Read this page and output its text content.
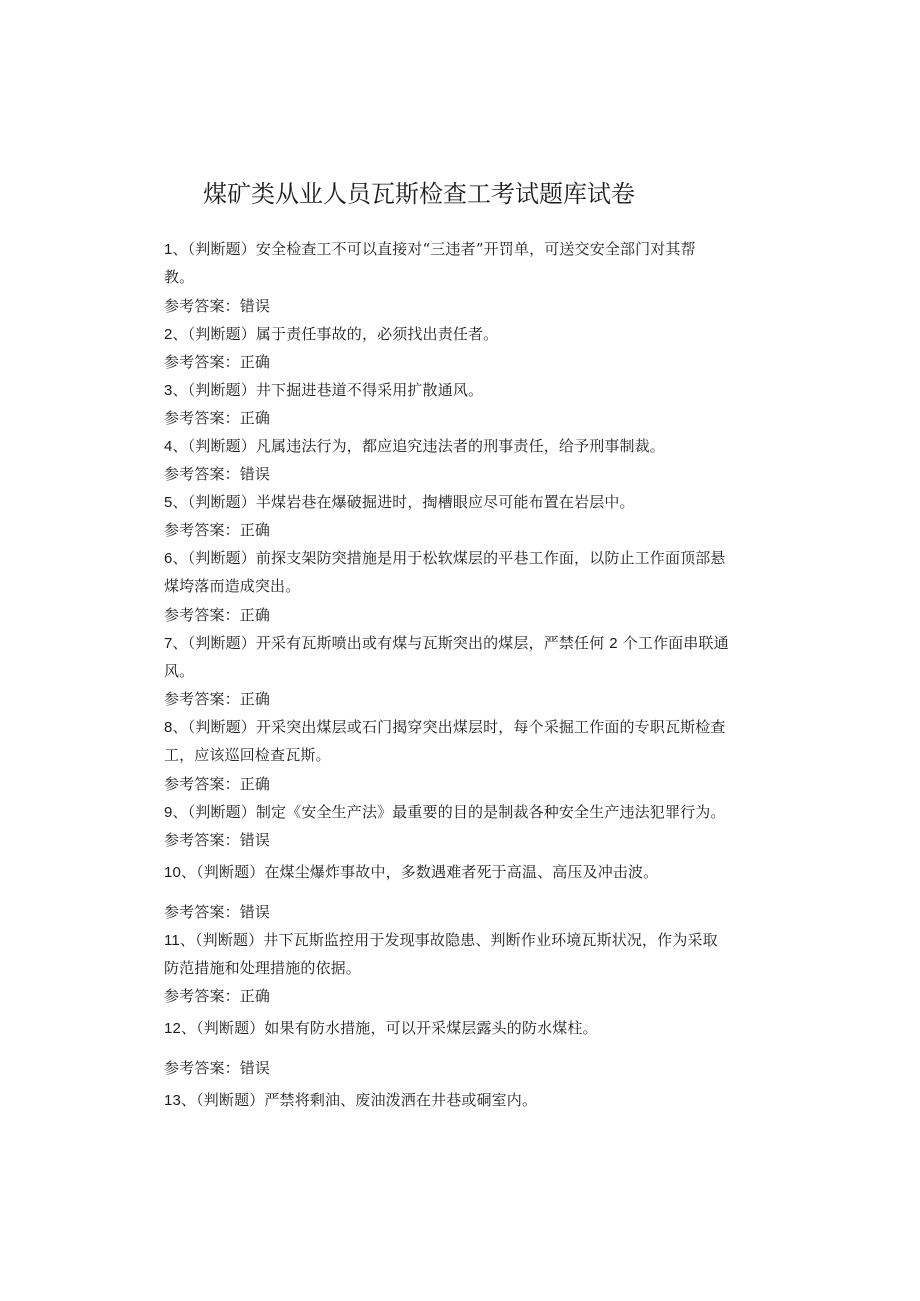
煤矿类从业人员瓦斯检查工考试题库试卷
1、（判断题）安全检查工不可以直接对“三违者”开罚单，可送交安全部门对其帮
教。
参考答案：错误
2、（判断题）属于责任事故的，必须找出责任者。
参考答案：正确
3、（判断题）井下掘进巷道不得采用扩散通风。
参考答案：正确
4、（判断题）凡属违法行为，都应追究违法者的刑事责任，给予刑事制裁。
参考答案：错误
5、（判断题）半煤岩巷在爆破掘进时，掏槽眼应尽可能布置在岩层中。
参考答案：正确
6、（判断题）前探支架防突措施是用于松软煤层的平巷工作面，以防止工作面顶部悬
煤垮落而造成突出。
参考答案：正确
7、（判断题）开采有瓦斯喷出或有煤与瓦斯突出的煤层，严禁任何 2 个工作面串联通
风。
参考答案：正确
8、（判断题）开采突出煤层或石门揭穿突出煤层时，每个采掘工作面的专职瓦斯检查
工，应该巡回检查瓦斯。
参考答案：正确
9、（判断题）制定《安全生产法》最重要的目的是制裁各种安全生产违法犯罪行为。
参考答案：错误
10、（判断题）在煤尘爆炸事故中，多数遇难者死于高温、高压及冲击波。
参考答案：错误
11、（判断题）井下瓦斯监控用于发现事故隐患、判断作业环境瓦斯状况，作为采取
防范措施和处理措施的依据。
参考答案：正确
12、（判断题）如果有防水措施，可以开采煤层露头的防水煤柱。
参考答案：错误
13、（判断题）严禁将剩油、废油泼洒在井巷或硐室内。
